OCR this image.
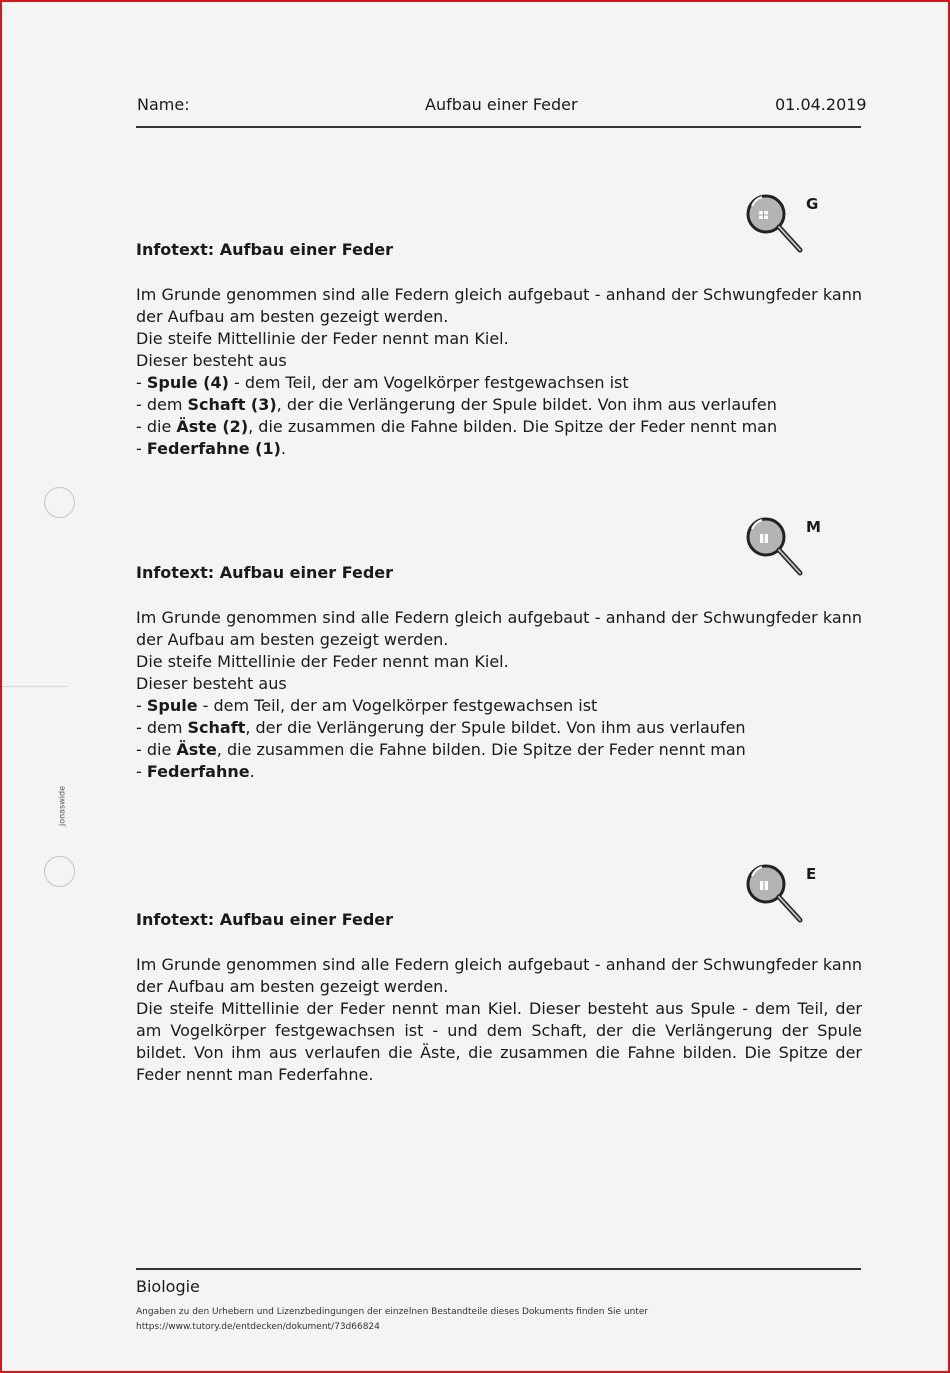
Name:	Aufbau einer Feder	01.04.2019
jonaswide
Infotext: Aufbau einer Feder
G

Im Grunde genommen sind alle Federn gleich aufgebaut - anhand der Schwungfeder kann der Aufbau am besten gezeigt werden.

Die steife Mittellinie der Feder nennt man Kiel.

Dieser besteht aus

- Spule (4) - dem Teil, der am Vogelkörper festgewachsen ist

- dem Schaft (3), der die Verlängerung der Spule bildet. Von ihm aus verlaufen

- die Äste (2), die zusammen die Fahne bilden. Die Spitze der Feder nennt man

- Federfahne (1).

Infotext: Aufbau einer Feder
M

Im Grunde genommen sind alle Federn gleich aufgebaut - anhand der Schwungfeder kann der Aufbau am besten gezeigt werden.

Die steife Mittellinie der Feder nennt man Kiel.

Dieser besteht aus

- Spule - dem Teil, der am Vogelkörper festgewachsen ist

- dem Schaft, der die Verlängerung der Spule bildet. Von ihm aus verlaufen

- die Äste, die zusammen die Fahne bilden. Die Spitze der Feder nennt man

- Federfahne.

Infotext: Aufbau einer Feder
E

Im Grunde genommen sind alle Federn gleich aufgebaut - anhand der Schwungfeder kann der Aufbau am besten gezeigt werden.

Die steife Mittellinie der Feder nennt man Kiel. Dieser besteht aus Spule - dem Teil, der am Vogelkörper festgewachsen ist - und dem Schaft, der die Verlängerung der Spule bildet. Von ihm aus verlaufen die Äste, die zusammen die Fahne bilden. Die Spitze der Feder nennt man Federfahne.

Biologie
Angaben zu den Urhebern und Lizenzbedingungen der einzelnen Bestandteile dieses Dokuments finden Sie unter
https://www.tutory.de/entdecken/dokument/73d66824
